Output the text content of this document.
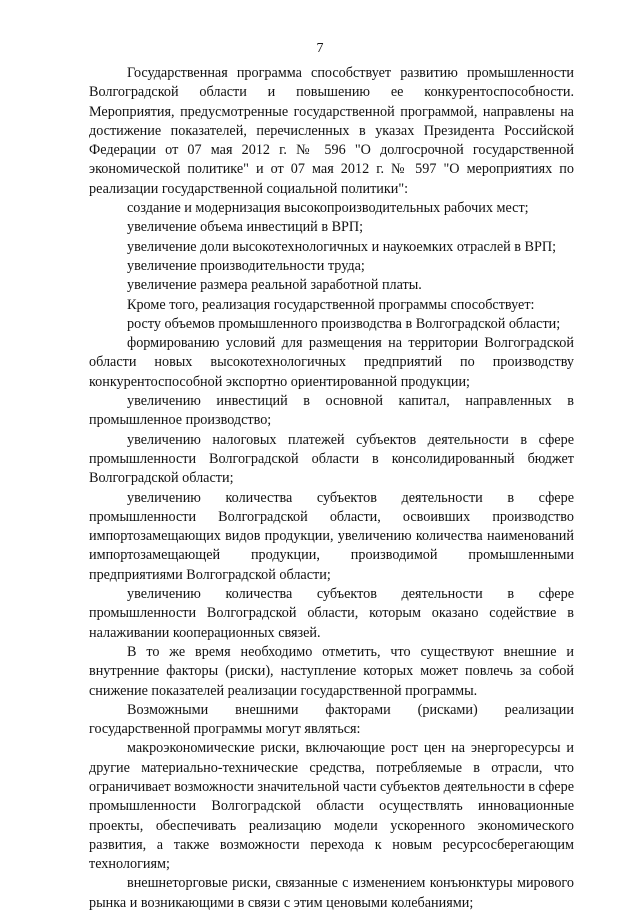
7

Государственная программа способствует развитию промышленности Волгоградской области и повышению ее конкурентоспособности. Мероприятия, предусмотренные государственной программой, направлены на достижение показателей, перечисленных в указах Президента Российской Федерации от 07 мая 2012 г. № 596 "О долгосрочной государственной экономической политике" и от 07 мая 2012 г. № 597 "О мероприятиях по реализации государственной социальной политики":

создание и модернизация высокопроизводительных рабочих мест;

увеличение объема инвестиций в ВРП;

увеличение доли высокотехнологичных и наукоемких отраслей в ВРП;

увеличение производительности труда;

увеличение размера реальной заработной платы.

Кроме того, реализация государственной программы способствует:

росту объемов промышленного производства в Волгоградской области;

формированию условий для размещения на территории Волгоградской области новых высокотехнологичных предприятий по производству конкурентоспособной экспортно ориентированной продукции;

увеличению инвестиций в основной капитал, направленных в промышленное производство;

увеличению налоговых платежей субъектов деятельности в сфере промышленности Волгоградской области в консолидированный бюджет Волгоградской области;

увеличению количества субъектов деятельности в сфере промышленности Волгоградской области, освоивших производство импортозамещающих видов продукции, увеличению количества наименований импортозамещающей продукции, производимой промышленными предприятиями Волгоградской области;

увеличению количества субъектов деятельности в сфере промышленности Волгоградской области, которым оказано содействие в налаживании кооперационных связей.

В то же время необходимо отметить, что существуют внешние и внутренние факторы (риски), наступление которых может повлечь за собой снижение показателей реализации государственной программы.

Возможными внешними факторами (рисками) реализации государственной программы могут являться:

макроэкономические риски, включающие рост цен на энергоресурсы и другие материально-технические средства, потребляемые в отрасли, что ограничивает возможности значительной части субъектов деятельности в сфере промышленности Волгоградской области осуществлять инновационные проекты, обеспечивать реализацию модели ускоренного экономического развития, а также возможности перехода к новым ресурсосберегающим технологиям;

внешнеторговые риски, связанные с изменением конъюнктуры мирового рынка и возникающими в связи с этим ценовыми колебаниями;
